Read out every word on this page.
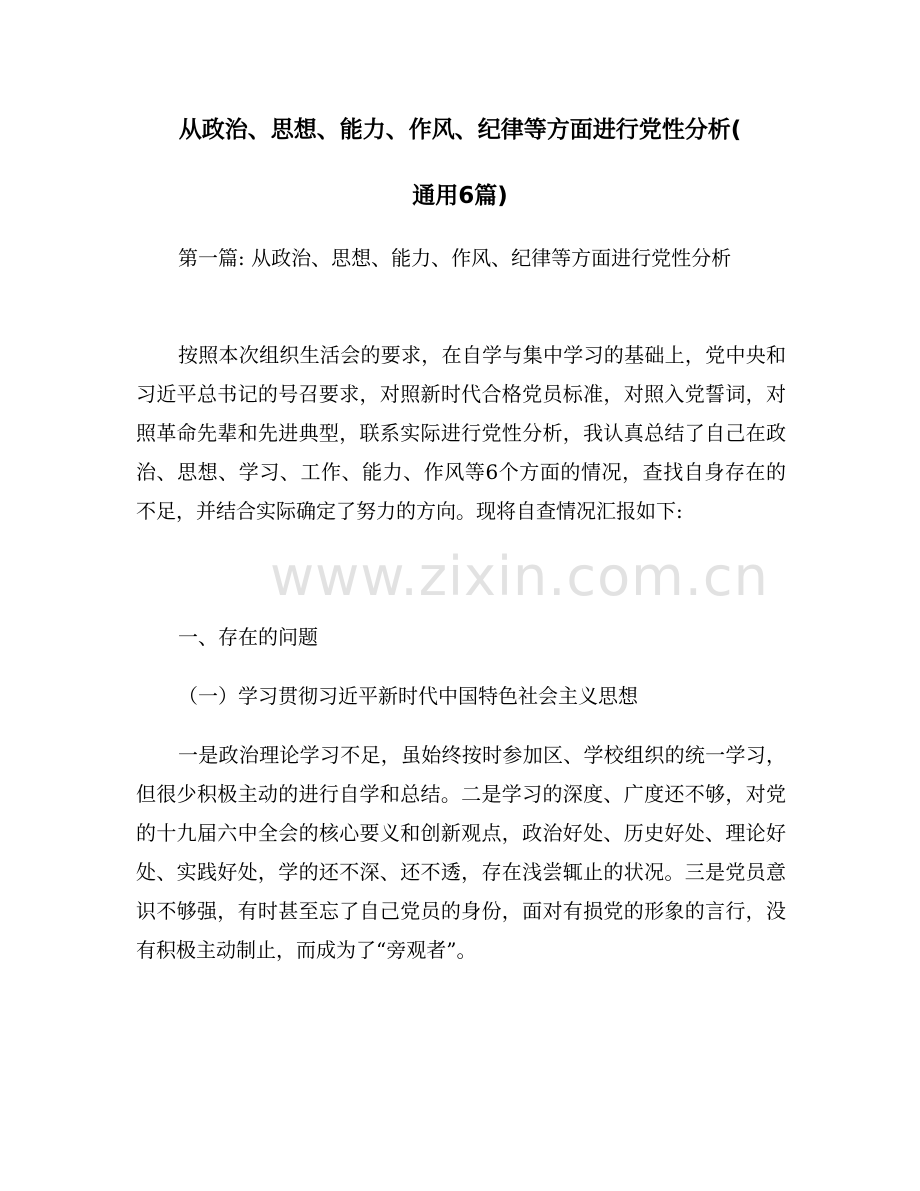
从政治、思想、能力、作风、纪律等方面进行党性分析(
通用6篇)

第一篇: 从政治、思想、能力、作风、纪律等方面进行党性分析

按照本次组织生活会的要求，在自学与集中学习的基础上，党中央和习近平总书记的号召要求，对照新时代合格党员标准，对照入党誓词，对照革命先辈和先进典型，联系实际进行党性分析，我认真总结了自己在政治、思想、学习、工作、能力、作风等6个方面的情况，查找自身存在的不足，并结合实际确定了努力的方向。现将自查情况汇报如下:

一、存在的问题

（一）学习贯彻习近平新时代中国特色社会主义思想

一是政治理论学习不足，虽始终按时参加区、学校组织的统一学习，但很少积极主动的进行自学和总结。二是学习的深度、广度还不够，对党的十九届六中全会的核心要义和创新观点，政治好处、历史好处、理论好处、实践好处，学的还不深、还不透，存在浅尝辄止的状况。三是党员意识不够强，有时甚至忘了自己党员的身份，面对有损党的形象的言行，没有积极主动制止，而成为了“旁观者”。

www.zixin.com.cn
